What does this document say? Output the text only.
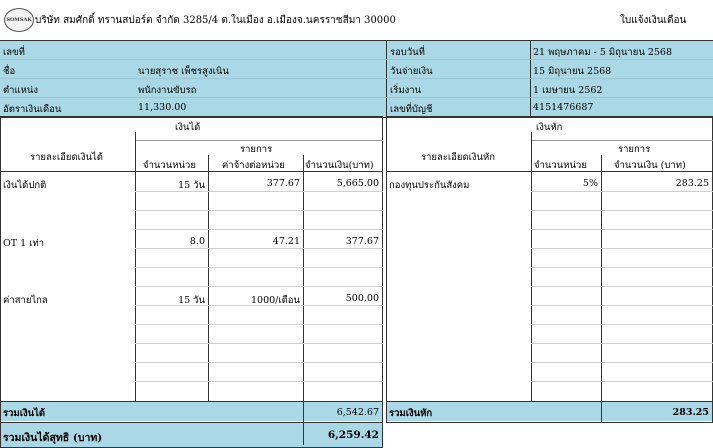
SOMSAK บริษัท สมศักดิ์ ทรานสปอร์ต จำกัด 3285/4 ต.ในเมือง อ.เมืองจ.นครราชสีมา 30000	ใบแจ้งเงินเดือน
เลขที่
ชื่อ	นายสุราช เพ็ชรสูงเนิน
ตำแหน่ง	พนักงานขับรถ
อัตราเงินเดือน	11,330.00
รอบวันที่	21 พฤษภาคม - 5 มิถุนายน 2568
วันจ่ายเงิน	15 มิถุนายน 2568
เริ่มงาน	1 เมษายน 2562
เลขที่บัญชี	4151476687
เงินได้
รายละเอียดเงินได้
รายการ
จำนวนหน่วย	ค่าจ้างต่อหน่วย จำนวนเงิน(บาท)
เงินได้ปกติ	15 วัน	377.67	5,665.00
OT 1 เท่า	8.0	47.21	377.67
ค่าสายไกล	15 วัน	1000/เดือน	500.00
รวมเงินได้	6,542.67
รวมเงินได้สุทธิ (บาท)	6,259.42
เงินหัก
รายละเอียดเงินหัก
รายการ
จำนวนหน่วย	จำนวนเงิน (บาท)
กองทุนประกันสังคม	5%	283.25
รวมเงินหัก	283.25
